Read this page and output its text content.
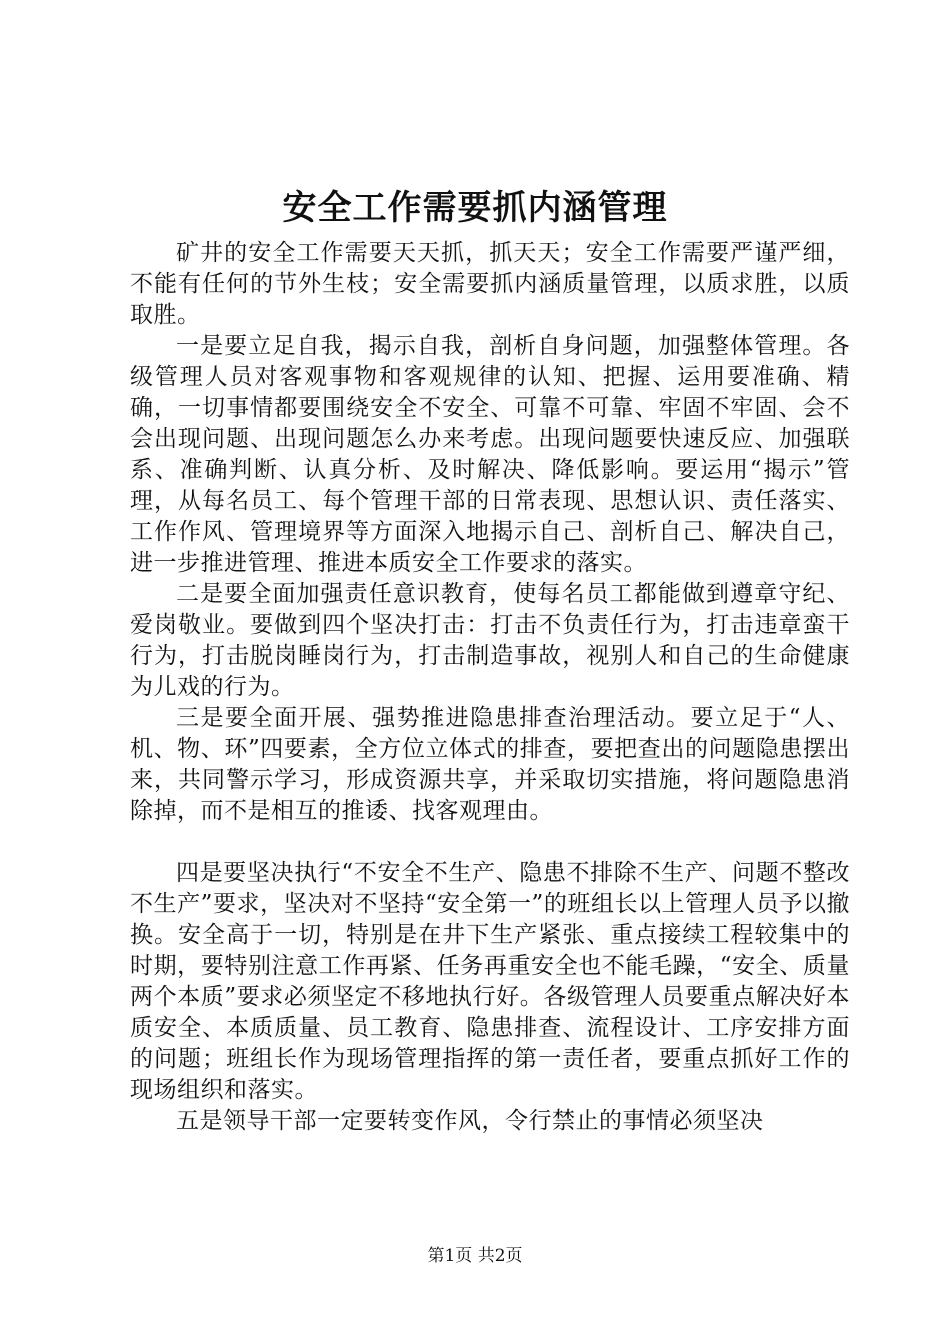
安全工作需要抓内涵管理

矿井的安全工作需要天天抓，抓天天；安全工作需要严谨严细，不能有任何的节外生枝；安全需要抓内涵质量管理，以质求胜，以质取胜。

一是要立足自我，揭示自我，剖析自身问题，加强整体管理。各级管理人员对客观事物和客观规律的认知、把握、运用要准确、精确，一切事情都要围绕安全不安全、可靠不可靠、牢固不牢固、会不会出现问题、出现问题怎么办来考虑。出现问题要快速反应、加强联系、准确判断、认真分析、及时解决、降低影响。要运用“揭示”管理，从每名员工、每个管理干部的日常表现、思想认识、责任落实、工作作风、管理境界等方面深入地揭示自己、剖析自己、解决自己，进一步推进管理、推进本质安全工作要求的落实。

二是要全面加强责任意识教育，使每名员工都能做到遵章守纪、爱岗敬业。要做到四个坚决打击：打击不负责任行为，打击违章蛮干行为，打击脱岗睡岗行为，打击制造事故，视别人和自己的生命健康为儿戏的行为。

三是要全面开展、强势推进隐患排查治理活动。要立足于“人、机、物、环”四要素，全方位立体式的排查，要把查出的问题隐患摆出来，共同警示学习，形成资源共享，并采取切实措施，将问题隐患消除掉，而不是相互的推诿、找客观理由。

四是要坚决执行“不安全不生产、隐患不排除不生产、问题不整改不生产”要求，坚决对不坚持“安全第一”的班组长以上管理人员予以撤换。安全高于一切，特别是在井下生产紧张、重点接续工程较集中的时期，要特别注意工作再紧、任务再重安全也不能毛躁，“安全、质量两个本质”要求必须坚定不移地执行好。各级管理人员要重点解决好本质安全、本质质量、员工教育、隐患排查、流程设计、工序安排方面的问题；班组长作为现场管理指挥的第一责任者，要重点抓好工作的现场组织和落实。

五是领导干部一定要转变作风，令行禁止的事情必须坚决

第1页 共2页
